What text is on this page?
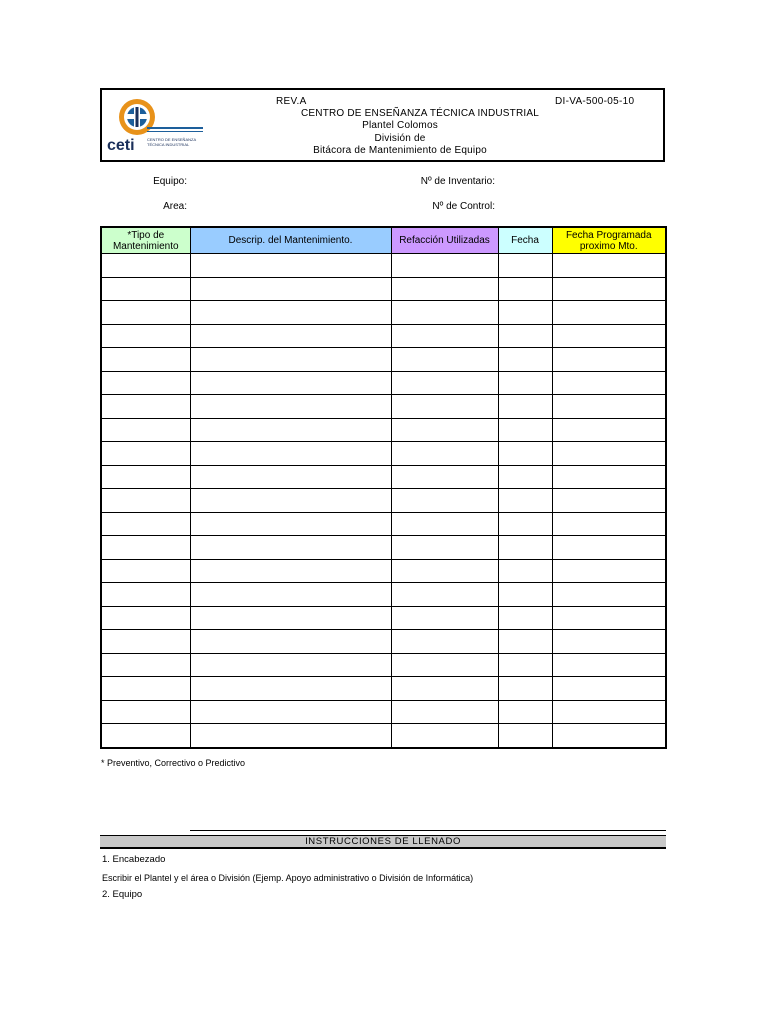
ceti	CENTRO DE ENSEÑANZA
TÉCNICA INDUSTRIAL
REV.A	DI-VA-500-05-10
CENTRO DE ENSEÑANZA TÉCNICA INDUSTRIAL
Plantel Colomos
División de
Bitácora de Mantenimiento de Equipo
Equipo:
Area:
Nº de Inventario:
Nº de Control:
*Tipo de Mantenimiento	Descrip. del Mantenimiento.	Refacción Utilizadas	Fecha	Fecha Programada proximo Mto.

* Preventivo, Correctivo o Predictivo
INSTRUCCIONES DE LLENADO
1. Encabezado
Escribir el Plantel y el área o División (Ejemp. Apoyo administrativo o División de Informática)
2. Equipo
